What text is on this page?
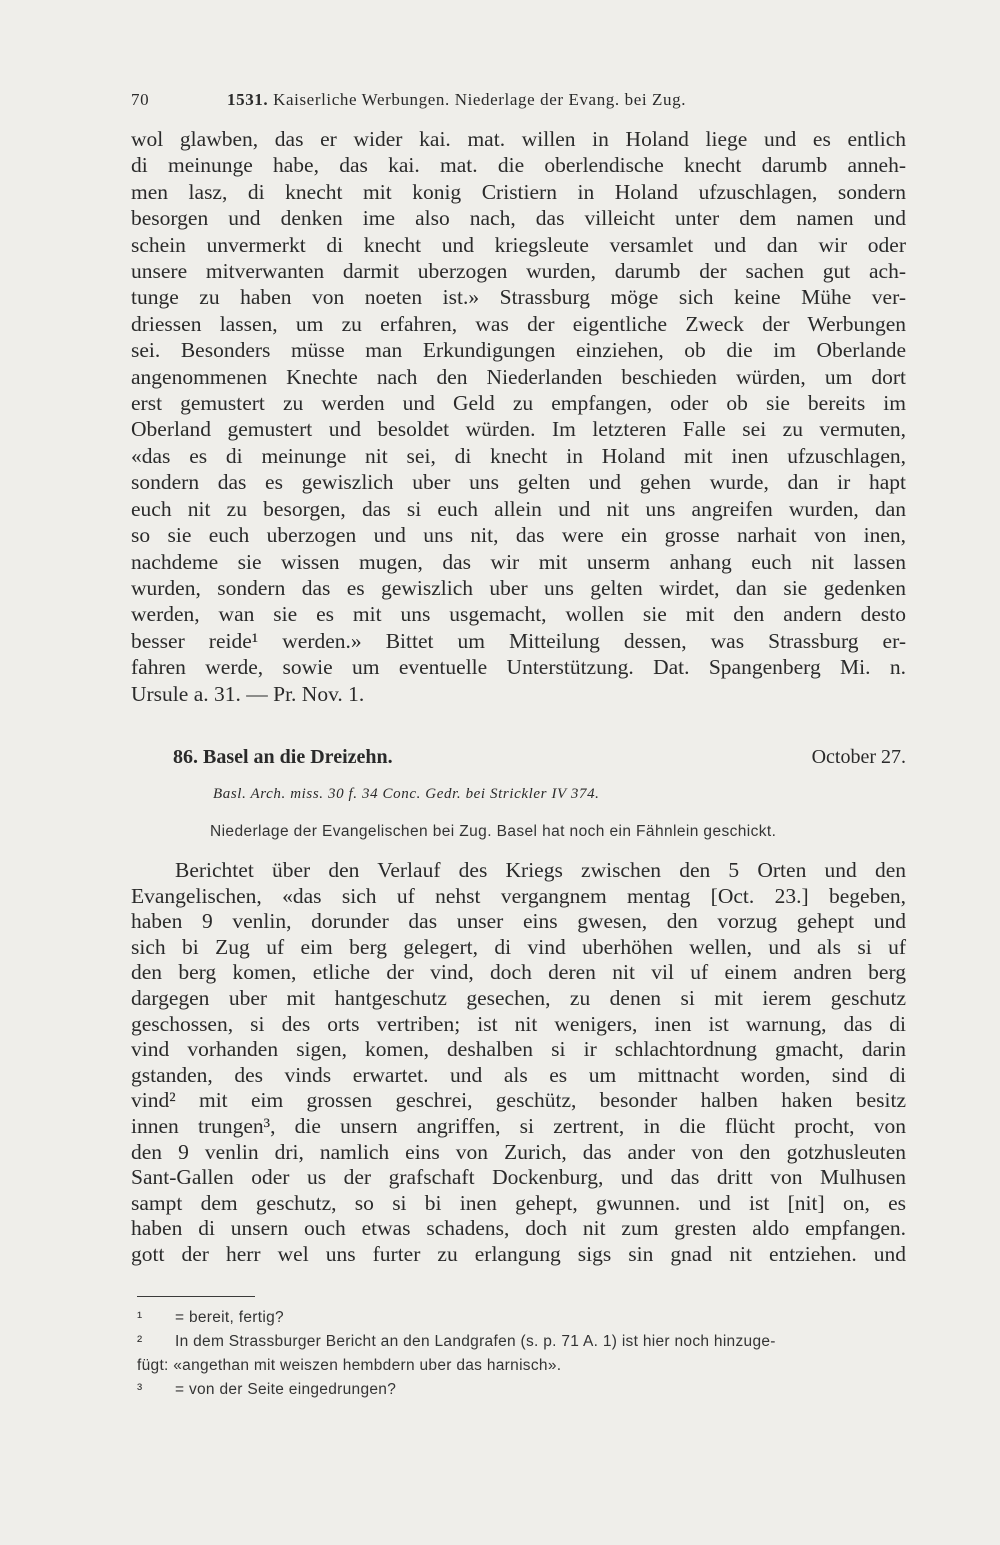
70	1531. Kaiserliche Werbungen. Niederlage der Evang. bei Zug.
wol glawben, das er wider kai. mat. willen in Holand liege und es entlich
di meinunge habe, das kai. mat. die oberlendische knecht darumb anneh-
men lasz, di knecht mit konig Cristiern in Holand ufzuschlagen, sondern
besorgen und denken ime also nach, das villeicht unter dem namen und
schein unvermerkt di knecht und kriegsleute versamlet und dan wir oder
unsere mitverwanten darmit uberzogen wurden, darumb der sachen gut ach-
tunge zu haben von noeten ist.» Strassburg möge sich keine Mühe ver-
driessen lassen, um zu erfahren, was der eigentliche Zweck der Werbungen
sei. Besonders müsse man Erkundigungen einziehen, ob die im Oberlande
angenommenen Knechte nach den Niederlanden beschieden würden, um dort
erst gemustert zu werden und Geld zu empfangen, oder ob sie bereits im
Oberland gemustert und besoldet würden. Im letzteren Falle sei zu vermuten,
«das es di meinunge nit sei, di knecht in Holand mit inen ufzuschlagen,
sondern das es gewiszlich uber uns gelten und gehen wurde, dan ir hapt
euch nit zu besorgen, das si euch allein und nit uns angreifen wurden, dan
so sie euch uberzogen und uns nit, das were ein grosse narhait von inen,
nachdeme sie wissen mugen, das wir mit unserm anhang euch nit lassen
wurden, sondern das es gewiszlich uber uns gelten wirdet, dan sie gedenken
werden, wan sie es mit uns usgemacht, wollen sie mit den andern desto
besser reide¹ werden.» Bittet um Mitteilung dessen, was Strassburg er-
fahren werde, sowie um eventuelle Unterstützung. Dat. Spangenberg Mi. n.
Ursule a. 31. — Pr. Nov. 1.
86. Basel an die Dreizehn.	October 27.
Basl. Arch. miss. 30 f. 34 Conc. Gedr. bei Strickler IV 374.
Niederlage der Evangelischen bei Zug. Basel hat noch ein Fähnlein geschickt.
Berichtet über den Verlauf des Kriegs zwischen den 5 Orten und den
Evangelischen, «das sich uf nehst vergangnem mentag [Oct. 23.] begeben,
haben 9 venlin, dorunder das unser eins gwesen, den vorzug gehept und
sich bi Zug uf eim berg gelegert, di vind uberhöhen wellen, und als si uf
den berg komen, etliche der vind, doch deren nit vil uf einem andren berg
dargegen uber mit hantgeschutz gesechen, zu denen si mit ierem geschutz
geschossen, si des orts vertriben; ist nit wenigers, inen ist warnung, das di
vind vorhanden sigen, komen, deshalben si ir schlachtordnung gmacht, darin
gstanden, des vinds erwartet. und als es um mittnacht worden, sind di
vind² mit eim grossen geschrei, geschütz, besonder halben haken besitz
innen trungen³, die unsern angriffen, si zertrent, in die flücht procht, von
den 9 venlin dri, namlich eins von Zurich, das ander von den gotzhusleuten
Sant-Gallen oder us der grafschaft Dockenburg, und das dritt von Mulhusen
sampt dem geschutz, so si bi inen gehept, gwunnen. und ist [nit] on, es
haben di unsern ouch etwas schadens, doch nit zum gresten aldo empfangen.
gott der herr wel uns furter zu erlangung sigs sin gnad nit entziehen. und
¹ = bereit, fertig?
² In dem Strassburger Bericht an den Landgrafen (s. p. 71 A. 1) ist hier noch hinzuge-
fügt: «angethan mit weiszen hembdern uber das harnisch».
³ = von der Seite eingedrungen?
